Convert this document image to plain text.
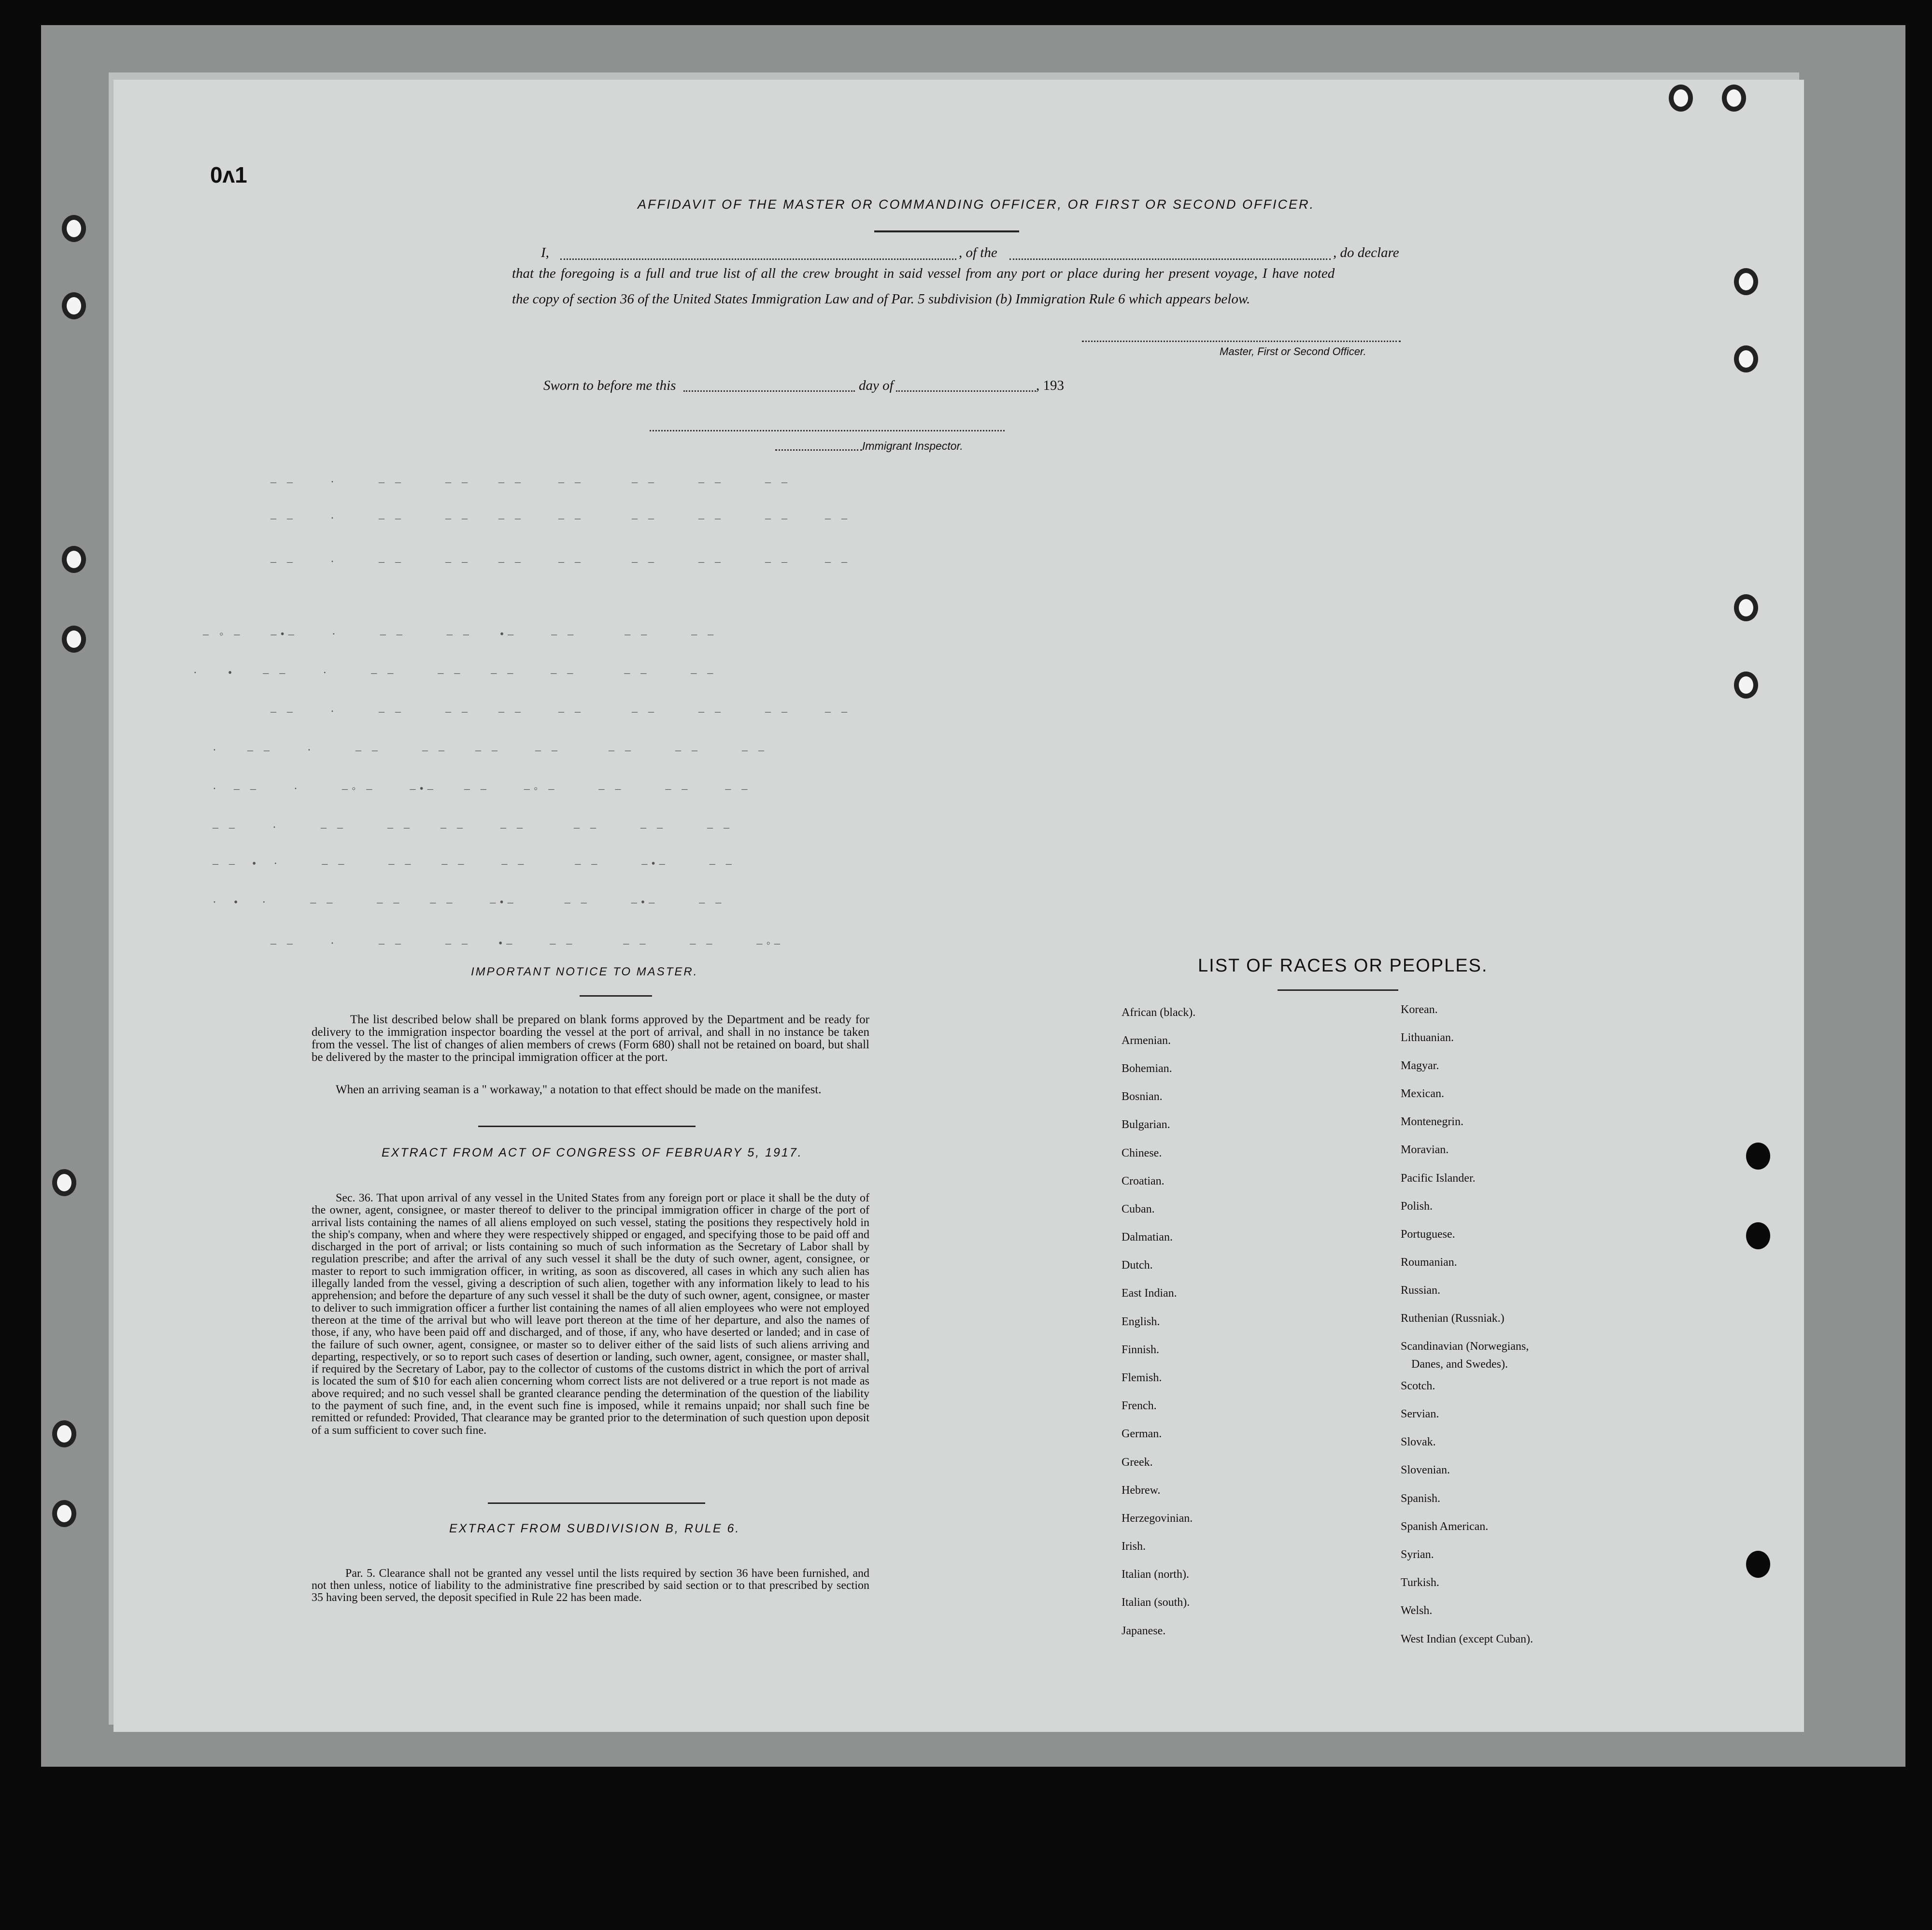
0ʌ1
AFFIDAVIT OF THE MASTER OR COMMANDING OFFICER, OR FIRST OR SECOND OFFICER.
I,	, of the	, do declare
that the foregoing is a full and true list of all the crew brought in said vessel from any port or place during her present voyage, I have noted
the copy of section 36 of the United States Immigration Law and of Par. 5 subdivision (b) Immigration Rule 6 which appears below.
Master, First or Second Officer.
Sworn to before me this	day of	, 193
Immigrant Inspector.
– –     ·      – –      – –    – –     – –       – –      – –      – –
– –     ·      – –      – –    – –     – –       – –      – –      – –     – –
– –     ·      – –      – –    – –     – –       – –      – –      – –     – –
– ◦ –    –•–     ·      – –      – –    •–     – –       – –      – –
·    •    – –     ·      – –      – –    – –     – –       – –      – –
– –     ·      – –      – –    – –     – –       – –      – –      – –     – –
·    – –     ·      – –      – –    – –     – –       – –      – –      – –
·  – –     ·      –◦ –     –•–    – –     –◦ –      – –      – –     – –
– –     ·      – –      – –    – –     – –       – –      – –      – –
– –  •  ·      – –      – –    – –     – –       – –      –•–      – –
·  •   ·      – –      – –    – –     –•–       – –      –•–      – –
– –     ·      – –      – –    •–     – –       – –      – –      –◦–
IMPORTANT NOTICE TO MASTER.
The list described below shall be prepared on blank forms approved by the Department and be ready for delivery to the immigration inspector boarding the vessel at the port of arrival, and shall in no instance be taken from the vessel. The list of changes of alien members of crews (Form 680) shall not be retained on board, but shall be delivered by the master to the principal immigration officer at the port.
When an arriving seaman is a " workaway," a notation to that effect should be made on the manifest.
EXTRACT FROM ACT OF CONGRESS OF FEBRUARY 5, 1917.
Sec. 36. That upon arrival of any vessel in the United States from any foreign port or place it shall be the duty of the owner, agent, consignee, or master thereof to deliver to the principal immigration officer in charge of the port of arrival lists containing the names of all aliens employed on such vessel, stating the positions they respectively hold in the ship's company, when and where they were respectively shipped or engaged, and specifying those to be paid off and discharged in the port of arrival; or lists containing so much of such information as the Secretary of Labor shall by regulation prescribe; and after the arrival of any such vessel it shall be the duty of such owner, agent, consignee, or master to report to such immigration officer, in writing, as soon as discovered, all cases in which any such alien has illegally landed from the vessel, giving a description of such alien, together with any information likely to lead to his apprehension; and before the departure of any such vessel it shall be the duty of such owner, agent, consignee, or master to deliver to such immigration officer a further list containing the names of all alien employees who were not employed thereon at the time of the arrival but who will leave port thereon at the time of her departure, and also the names of those, if any, who have been paid off and discharged, and of those, if any, who have deserted or landed; and in case of the failure of such owner, agent, consignee, or master so to deliver either of the said lists of such aliens arriving and departing, respectively, or so to report such cases of desertion or landing, such owner, agent, consignee, or master shall, if required by the Secretary of Labor, pay to the collector of customs of the customs district in which the port of arrival is located the sum of $10 for each alien concerning whom correct lists are not delivered or a true report is not made as above required; and no such vessel shall be granted clearance pending the determination of the question of the liability to the payment of such fine, and, in the event such fine is imposed, while it remains unpaid; nor shall such fine be remitted or refunded: Provided, That clearance may be granted prior to the determination of such question upon deposit of a sum sufficient to cover such fine.
EXTRACT FROM SUBDIVISION B, RULE 6.
Par. 5. Clearance shall not be granted any vessel until the lists required by section 36 have been furnished, and not then unless, notice of liability to the administrative fine prescribed by said section or to that prescribed by section 35 having been served, the deposit specified in Rule 22 has been made.
LIST OF RACES OR PEOPLES.
African (black).
Armenian.
Bohemian.
Bosnian.
Bulgarian.
Chinese.
Croatian.
Cuban.
Dalmatian.
Dutch.
East Indian.
English.
Finnish.
Flemish.
French.
German.
Greek.
Hebrew.
Herzegovinian.
Irish.
Italian (north).
Italian (south).
Japanese.
Korean.
Lithuanian.
Magyar.
Mexican.
Montenegrin.
Moravian.
Pacific Islander.
Polish.
Portuguese.
Roumanian.
Russian.
Ruthenian (Russniak.)
Scandinavian (Norwegians,
Scotch.
Servian.
Slovak.
Slovenian.
Spanish.
Spanish American.
Syrian.
Turkish.
Welsh.
West Indian (except Cuban).
Danes, and Swedes).
